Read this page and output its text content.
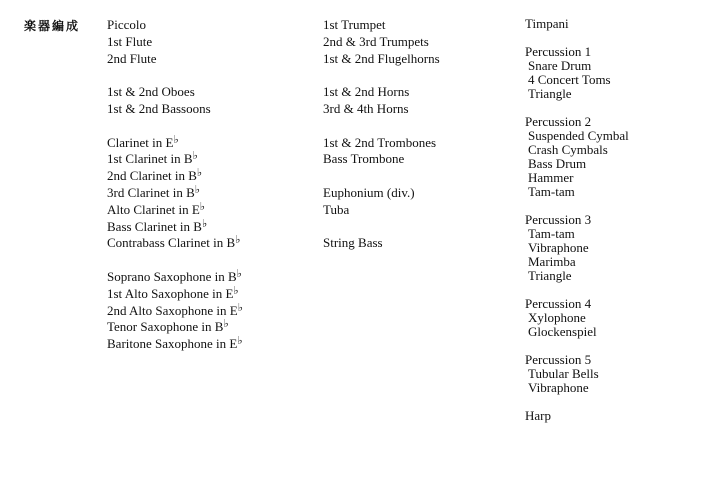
楽器編成 Piccolo
1st Flute
2nd Flute
1st & 2nd Oboes
1st & 2nd Bassoons
Clarinet in E♭
1st Clarinet in B♭
2nd Clarinet in B♭
3rd Clarinet in B♭
Alto Clarinet in E♭
Bass Clarinet in B♭
Contrabass Clarinet in B♭
Soprano Saxophone in B♭
1st Alto Saxophone in E♭
2nd Alto Saxophone in E♭
Tenor Saxophone in B♭
Baritone Saxophone in E♭
1st Trumpet
2nd & 3rd Trumpets
1st & 2nd Flugelhorns
1st & 2nd Horns
3rd & 4th Horns
1st & 2nd Trombones
Bass Trombone
Euphonium (div.)
Tuba
String Bass
Timpani
Percussion 1
Snare Drum
4 Concert Toms
Triangle
Percussion 2
Suspended Cymbal
Crash Cymbals
Bass Drum
Hammer
Tam-tam
Percussion 3
Tam-tam
Vibraphone
Marimba
Triangle
Percussion 4
Xylophone
Glockenspiel
Percussion 5
Tubular Bells
Vibraphone
Harp
